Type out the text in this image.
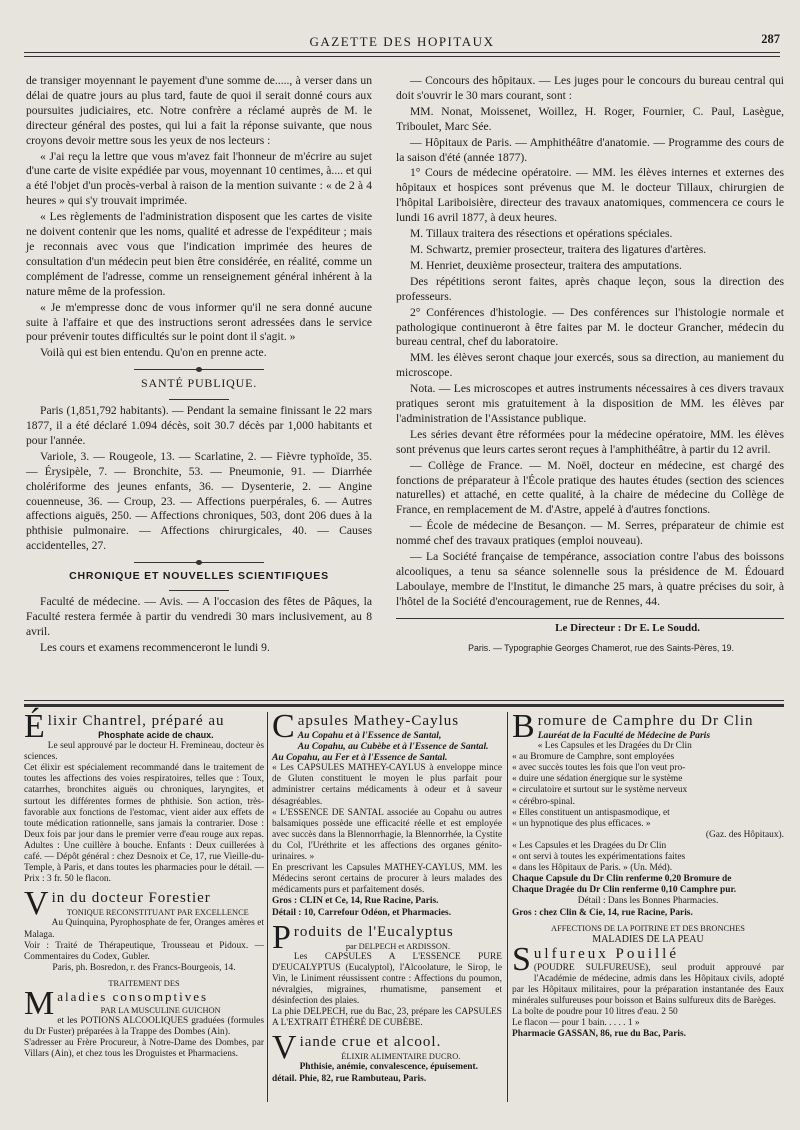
GAZETTE DES HOPITAUX	287

de transiger moyennant le payement d'une somme de....., à verser dans un délai de quatre jours au plus tard, faute de quoi il serait donné cours aux poursuites judiciaires, etc. Notre confrère a réclamé auprès de M. le directeur général des postes, qui lui a fait la réponse suivante, que nous croyons devoir mettre sous les yeux de nos lecteurs :

« J'ai reçu la lettre que vous m'avez fait l'honneur de m'écrire au sujet d'une carte de visite expédiée par vous, moyennant 10 centimes, à.... et qui a été l'objet d'un procès-verbal à raison de la mention suivante : « de 2 à 4 heures » qui s'y trouvait imprimée.

« Les règlements de l'administration disposent que les cartes de visite ne doivent contenir que les noms, qualité et adresse de l'expéditeur ; mais je reconnais avec vous que l'indication imprimée des heures de consultation d'un médecin peut bien être considérée, en réalité, comme un complément de l'adresse, comme un renseignement général inhérent à la nature même de la profession.

« Je m'empresse donc de vous informer qu'il ne sera donné aucune suite à l'affaire et que des instructions seront adressées dans le service pour prévenir toutes difficultés sur le point dont il s'agit. »

Voilà qui est bien entendu. Qu'on en prenne acte.

SANTÉ PUBLIQUE.

Paris (1,851,792 habitants). — Pendant la semaine finissant le 22 mars 1877, il a été déclaré 1.094 décès, soit 30.7 décès par 1,000 habitants et pour l'année.

Variole, 3. — Rougeole, 13. — Scarlatine, 2. — Fièvre typhoïde, 35. — Érysipèle, 7. — Bronchite, 53. — Pneumonie, 91. — Diarrhée cholériforme des jeunes enfants, 36. — Dysenterie, 2. — Angine couenneuse, 36. — Croup, 23. — Affections puerpérales, 6. — Autres affections aiguës, 250. — Affections chroniques, 503, dont 206 dues à la phthisie pulmonaire. — Affections chirurgicales, 40. — Causes accidentelles, 27.

CHRONIQUE ET NOUVELLES SCIENTIFIQUES

Faculté de médecine. — Avis. — A l'occasion des fêtes de Pâques, la Faculté restera fermée à partir du vendredi 30 mars inclusivement, au 8 avril.

Les cours et examens recommenceront le lundi 9.

— Concours des hôpitaux. — Les juges pour le concours du bureau central qui doit s'ouvrir le 30 mars courant, sont :

MM. Nonat, Moissenet, Woillez, H. Roger, Fournier, C. Paul, Lasègue, Triboulet, Marc Sée.

— Hôpitaux de Paris. — Amphithéâtre d'anatomie. — Programme des cours de la saison d'été (année 1877).

1° Cours de médecine opératoire. — MM. les élèves internes et externes des hôpitaux et hospices sont prévenus que M. le docteur Tillaux, chirurgien de l'hôpital Lariboisière, directeur des travaux anatomiques, commencera ce cours le lundi 16 avril 1877, à deux heures.

M. Tillaux traitera des résections et opérations spéciales.

M. Schwartz, premier prosecteur, traitera des ligatures d'artères.

M. Henriet, deuxième prosecteur, traitera des amputations.

Des répétitions seront faites, après chaque leçon, sous la direction des professeurs.

2° Conférences d'histologie. — Des conférences sur l'histologie normale et pathologique continueront à être faites par M. le docteur Grancher, médecin du bureau central, chef du laboratoire.

MM. les élèves seront chaque jour exercés, sous sa direction, au maniement du microscope.

Nota. — Les microscopes et autres instruments nécessaires à ces divers travaux pratiques seront mis gratuitement à la disposition de MM. les élèves par l'administration de l'Assistance publique.

Les séries devant être réformées pour la médecine opératoire, MM. les élèves sont prévenus que leurs cartes seront reçues à l'amphithéâtre, à partir du 12 avril.

— Collège de France. — M. Noël, docteur en médecine, est chargé des fonctions de préparateur à l'École pratique des hautes études (section des sciences naturelles) et attaché, en cette qualité, à la chaire de médecine du Collège de France, en remplacement de M. d'Astre, appelé à d'autres fonctions.

— École de médecine de Besançon. — M. Serres, préparateur de chimie est nommé chef des travaux pratiques (emploi nouveau).

— La Société française de tempérance, association contre l'abus des boissons alcooliques, a tenu sa séance solennelle sous la présidence de M. Édouard Laboulaye, membre de l'Institut, le dimanche 25 mars, à quatre précises du soir, à l'hôtel de la Société d'encouragement, rue de Rennes, 44.

Le Directeur : Dr E. Le Soudd.
Paris. — Typographie Georges Chamerot, rue des Saints-Pères, 19.
É lixir Chantrel, préparé au

Phosphate acide de chaux.

Le seul approuvé par le docteur H. Fremineau, docteur ès sciences.

Cet élixir est spécialement recommandé dans le traitement de toutes les affections des voies respiratoires, telles que : Toux, catarrhes, bronchites aiguës ou chroniques, laryngites, et surtout les différentes formes de phthisie. Son action, très-favorable aux fonctions de l'estomac, vient aider aux effets de toute médication rationnelle, sans jamais la contrarier. Dose : Deux fois par jour dans le premier verre d'eau rouge aux repas. Adultes : Une cuillère à bouche. Enfants : Deux cuillerées à café. — Dépôt général : chez Desnoix et Ce, 17, rue Vieille-du-Temple, à Paris, et dans toutes les pharmacies pour le détail. — Prix : 3 fr. 50 le flacon.

V in du docteur Forestier

TONIQUE RECONSTITUANT PAR EXCELLENCE

Au Quinquina, Pyrophosphate de fer, Oranges amères et Malaga.

Voir : Traité de Thérapeutique, Trousseau et Pidoux. — Commentaires du Codex, Gubler.

Paris, ph. Bosredon, r. des Francs-Bourgeois, 14.

TRAITEMENT DES

M aladies consomptives

PAR LA MUSCULINE GUICHON

et les POTIONS ALCOOLIQUES graduées (formules du Dr Fuster) préparées à la Trappe des Dombes (Ain).

S'adresser au Frère Procureur, à Notre-Dame des Dombes, par Villars (Ain), et chez tous les Droguistes et Pharmaciens.

C apsules Mathey-Caylus

Au Copahu et à l'Essence de Santal,

Au Copahu, au Cubèbe et à l'Essence de Santal.

Au Copahu, au Fer et à l'Essence de Santal.

« Les CAPSULES MATHEY-CAYLUS à enveloppe mince de Gluten constituent le moyen le plus parfait pour administrer certains médicaments à odeur et à saveur désagréables.

« L'ESSENCE DE SANTAL associée au Copahu ou autres balsamiques possède une efficacité réelle et est employée avec succès dans la Blennorrhagie, la Blennorrhée, la Cystite du Col, l'Uréthrite et les affections des organes génito-urinaires. »

En prescrivant les Capsules MATHEY-CAYLUS, MM. les Médecins seront certains de procurer à leurs malades des médicaments purs et parfaitement dosés.

Gros : CLIN et Ce, 14, Rue Racine, Paris.

Détail : 10, Carrefour Odéon, et Pharmacies.

P roduits de l'Eucalyptus

par DELPECH et ARDISSON.

Les CAPSULES A L'ESSENCE PURE D'EUCALYPTUS (Eucalyptol), l'Alcoolature, le Sirop, le Vin, le Liniment réussissent contre : Affections du poumon, névralgies, migraines, rhumatisme, pansement et désinfection des plaies.

La phie DELPECH, rue du Bac, 23, prépare les CAPSULES A L'EXTRAIT ÉTHÉRÉ DE CUBÈBE.

V iande crue et alcool.

ÉLIXIR ALIMENTAIRE DUCRO.

Phthisie, anémie, convalescence, épuisement.

détail. Phie, 82, rue Rambuteau, Paris.

B romure de Camphre du Dr Clin

Lauréat de la Faculté de Médecine de Paris

« Les Capsules et les Dragées du Dr Clin

« au Bromure de Camphre, sont employées

« avec succès toutes les fois que l'on veut pro-

« duire une sédation énergique sur le système

« circulatoire et surtout sur le système nerveux

« cérébro-spinal.

« Elles constituent un antispasmodique, et

« un hypnotique des plus efficaces. »

(Gaz. des Hôpitaux).

« Les Capsules et les Dragées du Dr Clin

« ont servi à toutes les expérimentations faites

« dans les Hôpitaux de Paris. » (Un. Méd).

Chaque Capsule du Dr Clin renferme 0,20 Bromure de

Chaque Dragée du Dr Clin renferme 0,10 Camphre pur.

Détail : Dans les Bonnes Pharmacies.

Gros : chez Clin & Cie, 14, rue Racine, Paris.

AFFECTIONS DE LA POITRINE ET DES BRONCHES

MALADIES DE LA PEAU

S ulfureux Pouillé

(POUDRE SULFUREUSE), seul produit approuvé par l'Académie de médecine, admis dans les Hôpitaux civils, adopté par les Hôpitaux militaires, pour la préparation instantanée des Eaux minérales sulfureuses pour boisson et Bains sulfureux dits de Barèges.

La boîte de poudre pour 10 litres d'eau. 2 50

Le flacon — pour 1 bain. . . . . 1 »

Pharmacie GASSAN, 86, rue du Bac, Paris.
